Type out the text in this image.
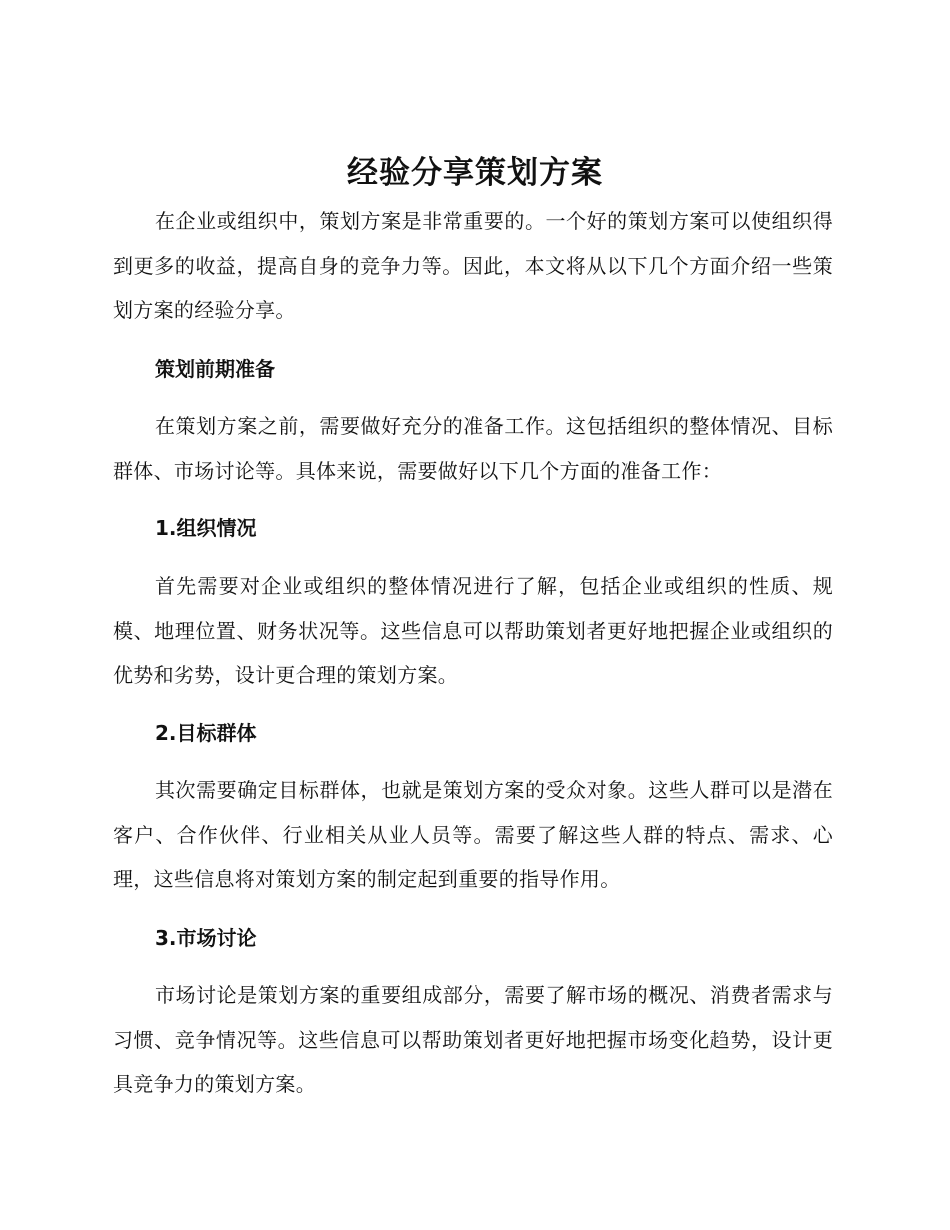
经验分享策划方案

在企业或组织中，策划方案是非常重要的。一个好的策划方案可以使组织得到更多的收益，提高自身的竞争力等。因此，本文将从以下几个方面介绍一些策划方案的经验分享。

策划前期准备

在策划方案之前，需要做好充分的准备工作。这包括组织的整体情况、目标群体、市场讨论等。具体来说，需要做好以下几个方面的准备工作：

1.组织情况

首先需要对企业或组织的整体情况进行了解，包括企业或组织的性质、规模、地理位置、财务状况等。这些信息可以帮助策划者更好地把握企业或组织的优势和劣势，设计更合理的策划方案。

2.目标群体

其次需要确定目标群体，也就是策划方案的受众对象。这些人群可以是潜在客户、合作伙伴、行业相关从业人员等。需要了解这些人群的特点、需求、心理，这些信息将对策划方案的制定起到重要的指导作用。

3.市场讨论

市场讨论是策划方案的重要组成部分，需要了解市场的概况、消费者需求与习惯、竞争情况等。这些信息可以帮助策划者更好地把握市场变化趋势，设计更具竞争力的策划方案。
